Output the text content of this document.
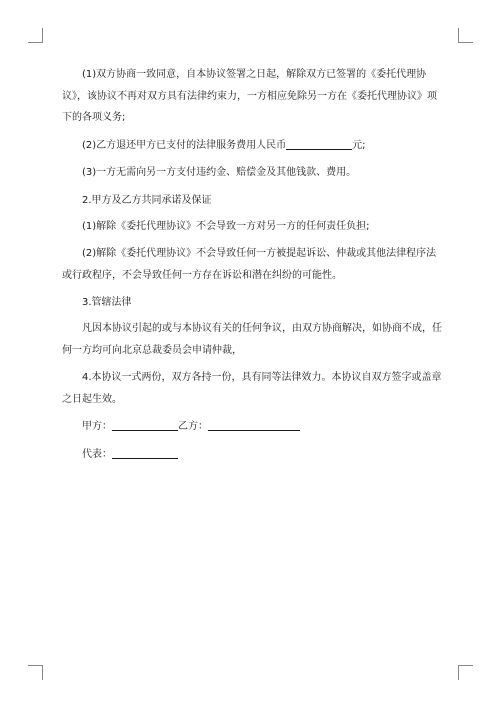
(1)双方协商一致同意，自本协议签署之日起，解除双方已签署的《委托代理协议》，该协议不再对双方具有法律约束力，一方相应免除另一方在《委托代理协议》项下的各项义务;

(2)乙方退还甲方已支付的法律服务费用人民币	元;

(3)一方无需向另一方支付违约金、赔偿金及其他钱款、费用。

2.甲方及乙方共同承诺及保证

(1)解除《委托代理协议》不会导致一方对另一方的任何责任负担;

(2)解除《委托代理协议》不会导致任何一方被提起诉讼、仲裁或其他法律程序法或行政程序，不会导致任何一方存在诉讼和潜在纠纷的可能性。

3.管辖法律

凡因本协议引起的或与本协议有关的任何争议，由双方协商解决，如协商不成，任何一方均可向北京总裁委员会申请仲裁，

4.本协议一式两份，双方各持一份，具有同等法律效力。本协议自双方签字或盖章之日起生效。

甲方：	乙方：

代表：
